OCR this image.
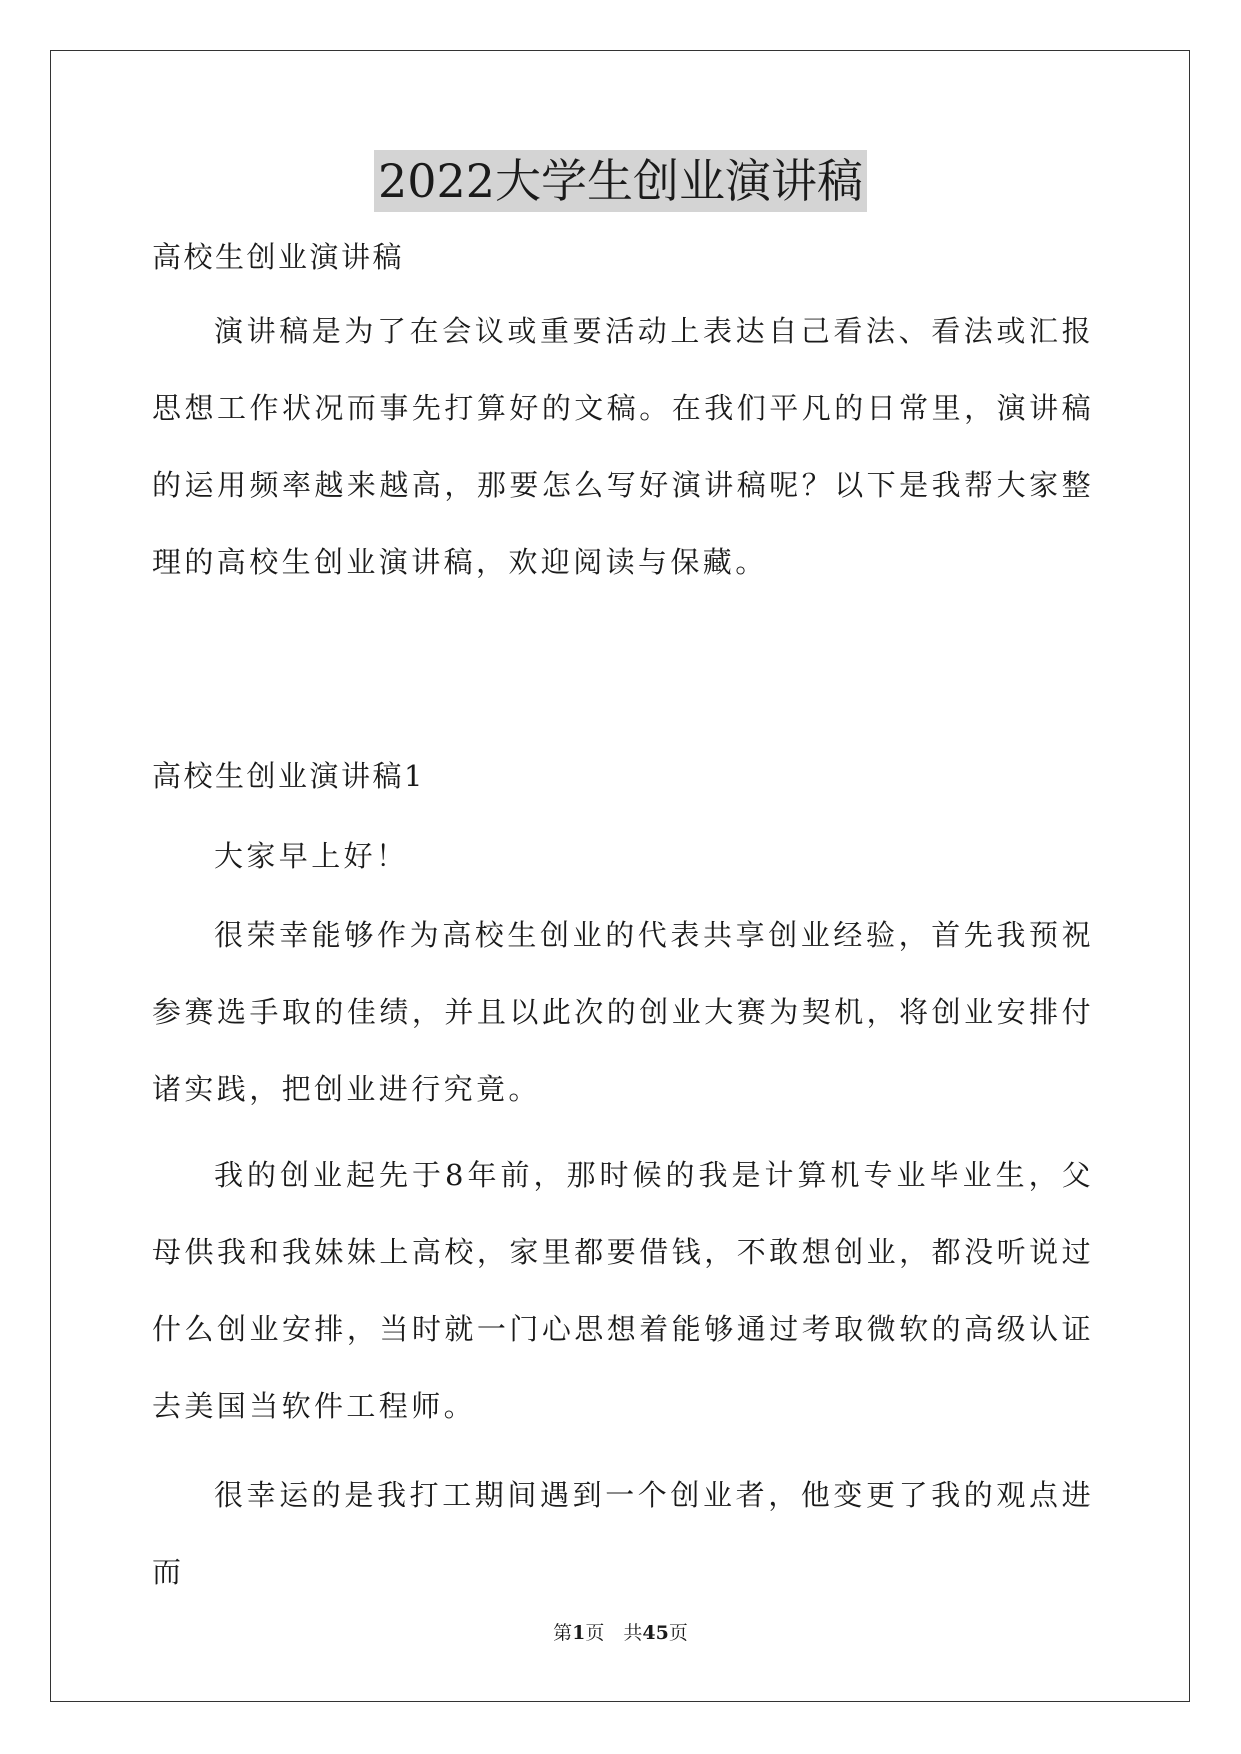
2022大学生创业演讲稿
高校生创业演讲稿

演讲稿是为了在会议或重要活动上表达自己看法、看法或汇报思想工作状况而事先打算好的文稿。在我们平凡的日常里，演讲稿的运用频率越来越高，那要怎么写好演讲稿呢？以下是我帮大家整理的高校生创业演讲稿，欢迎阅读与保藏。

高校生创业演讲稿1

大家早上好！

很荣幸能够作为高校生创业的代表共享创业经验，首先我预祝参赛选手取的佳绩，并且以此次的创业大赛为契机，将创业安排付诸实践，把创业进行究竟。

我的创业起先于8年前，那时候的我是计算机专业毕业生，父母供我和我妹妹上高校，家里都要借钱，不敢想创业，都没听说过什么创业安排，当时就一门心思想着能够通过考取微软的高级认证去美国当软件工程师。

很幸运的是我打工期间遇到一个创业者，他变更了我的观点进而

第1页　共45页
